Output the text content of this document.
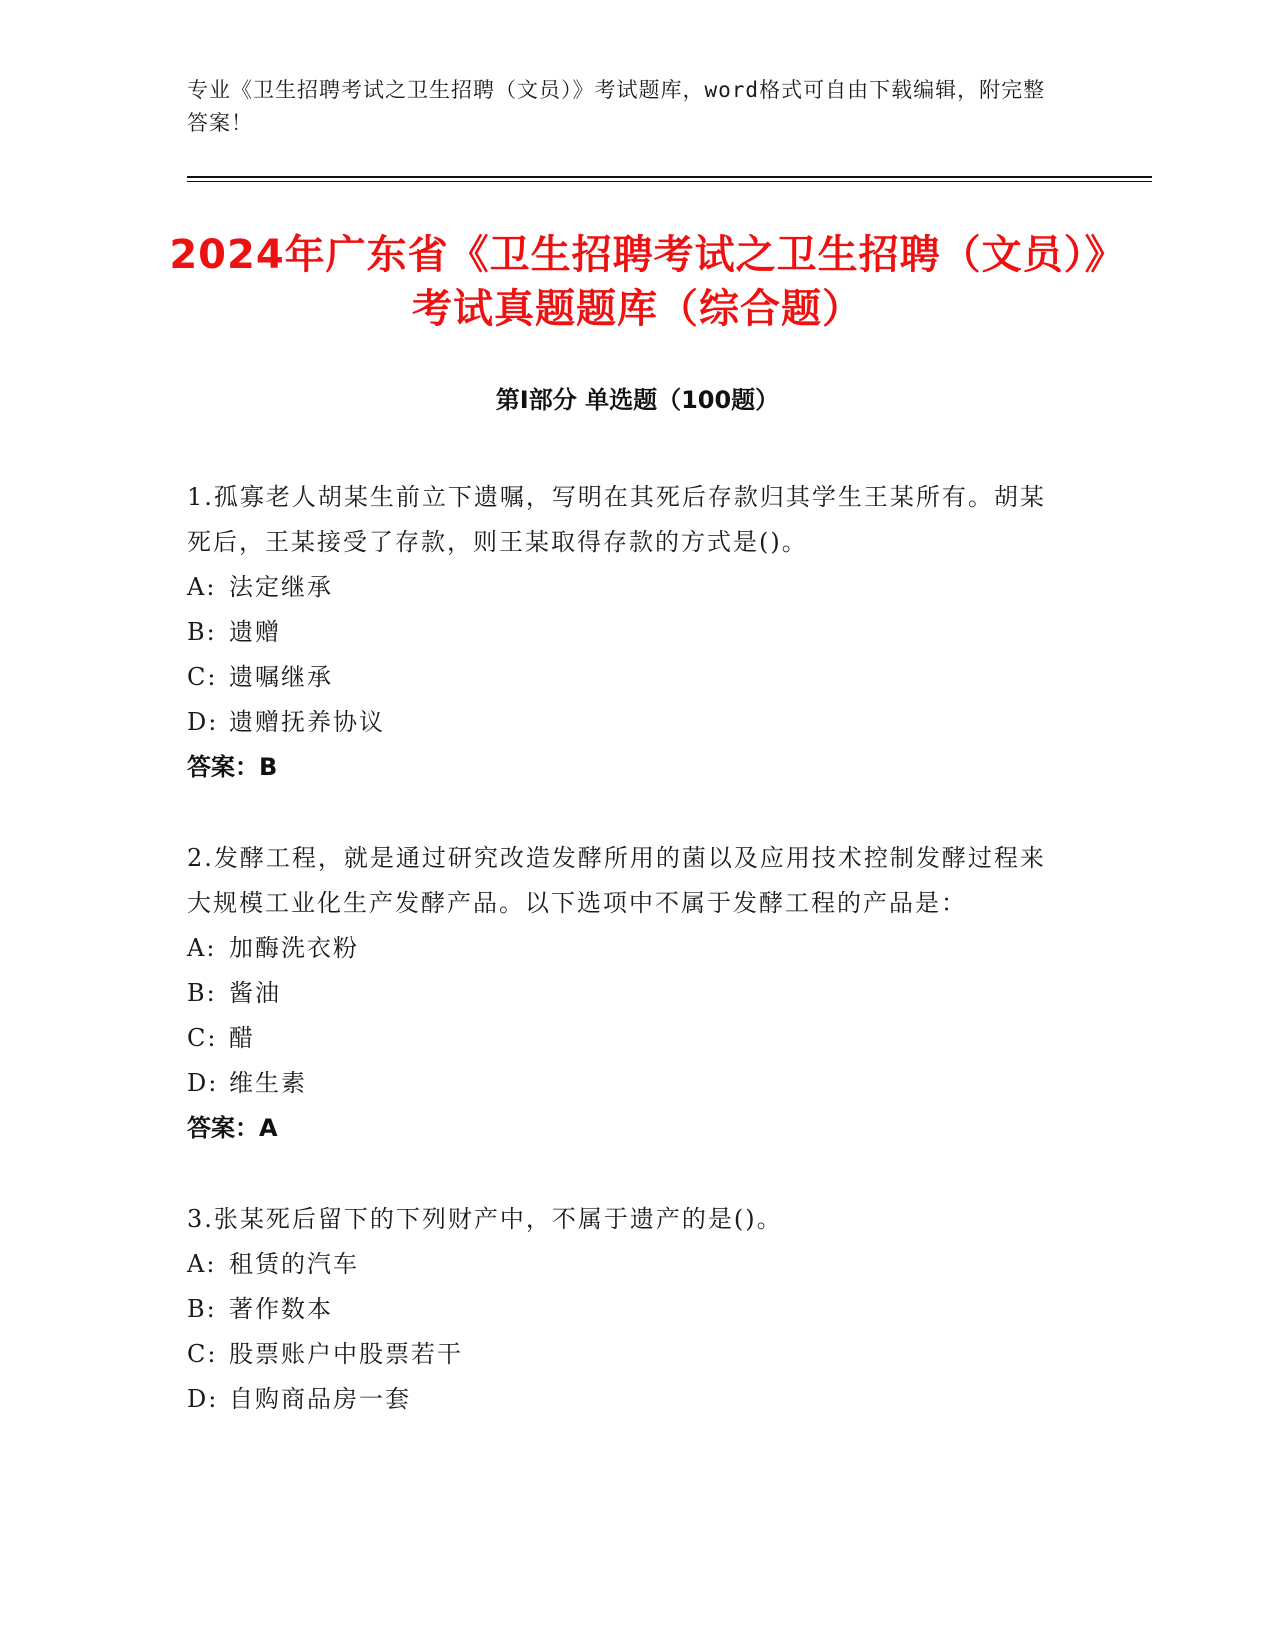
专业《卫生招聘考试之卫生招聘（文员）》考试题库，word格式可自由下载编辑，附完整答案！
2024年广东省《卫生招聘考试之卫生招聘（文员）》考试真题题库（综合题）
第Ⅰ部分 单选题（100题）

1.孤寡老人胡某生前立下遗嘱，写明在其死后存款归其学生王某所有。胡某死后，王某接受了存款，则王某取得存款的方式是()。

A: 法定继承
B: 遗赠
C: 遗嘱继承
D: 遗赠抚养协议
答案：B

2.发酵工程，就是通过研究改造发酵所用的菌以及应用技术控制发酵过程来大规模工业化生产发酵产品。以下选项中不属于发酵工程的产品是：

A: 加酶洗衣粉
B: 酱油
C: 醋
D: 维生素
答案：A

3.张某死后留下的下列财产中，不属于遗产的是()。

A: 租赁的汽车
B: 著作数本
C: 股票账户中股票若干
D: 自购商品房一套
